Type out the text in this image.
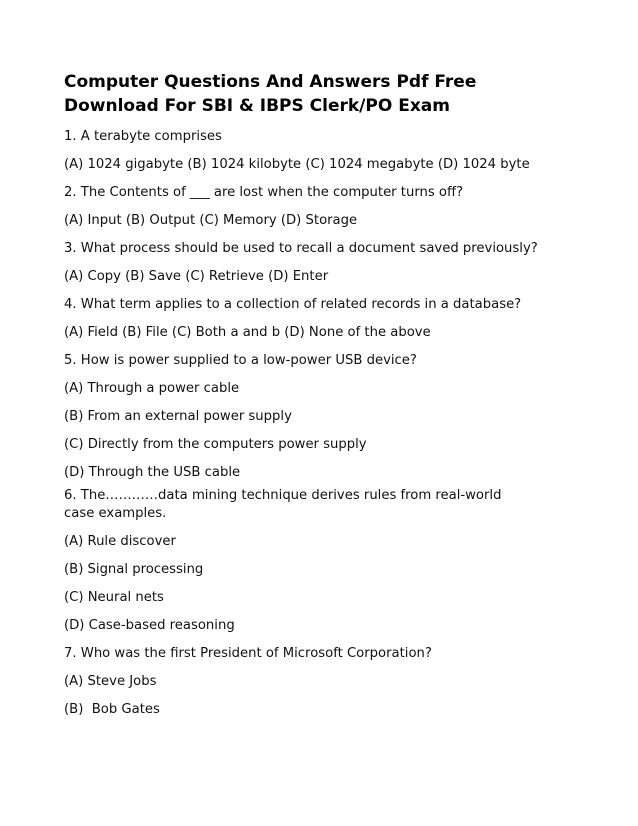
Computer Questions And Answers Pdf Free
Download For SBI & IBPS Clerk/PO Exam

1. A terabyte comprises

(A) 1024 gigabyte (B) 1024 kilobyte (C) 1024 megabyte (D) 1024 byte

2. The Contents of ___ are lost when the computer turns off?

(A) Input (B) Output (C) Memory (D) Storage

3. What process should be used to recall a document saved previously?

(A) Copy (B) Save (C) Retrieve (D) Enter

4. What term applies to a collection of related records in a database?

(A) Field (B) File (C) Both a and b (D) None of the above

5. How is power supplied to a low-power USB device?

(A) Through a power cable

(B) From an external power supply

(C) Directly from the computers power supply

(D) Through the USB cable

6. The…………data mining technique derives rules from real-world case examples.

(A) Rule discover

(B) Signal processing

(C) Neural nets

(D) Case-based reasoning

7. Who was the first President of Microsoft Corporation?

(A) Steve Jobs

(B)  Bob Gates
